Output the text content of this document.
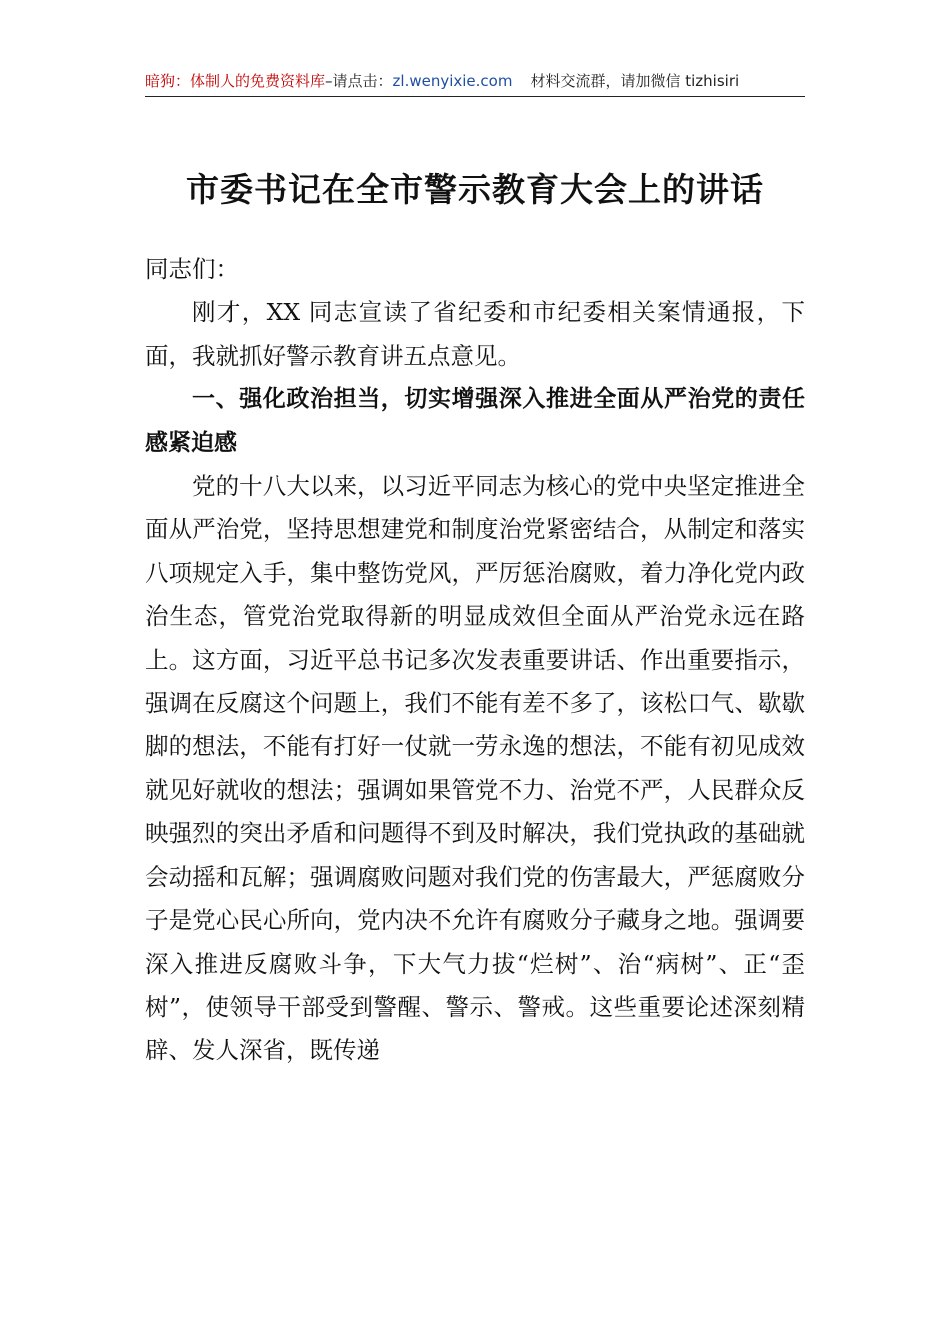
暗狗：体制人的免费资料库–请点击：zl.wenyixie.com 材料交流群，请加微信 tizhisiri
市委书记在全市警示教育大会上的讲话

同志们：

刚才，XX 同志宣读了省纪委和市纪委相关案情通报，下面，我就抓好警示教育讲五点意见。

一、强化政治担当，切实增强深入推进全面从严治党的责任感紧迫感

党的十八大以来，以习近平同志为核心的党中央坚定推进全面从严治党，坚持思想建党和制度治党紧密结合，从制定和落实八项规定入手，集中整饬党风，严厉惩治腐败，着力净化党内政治生态，管党治党取得新的明显成效但全面从严治党永远在路上。这方面，习近平总书记多次发表重要讲话、作出重要指示，强调在反腐这个问题上，我们不能有差不多了，该松口气、歇歇脚的想法，不能有打好一仗就一劳永逸的想法，不能有初见成效就见好就收的想法；强调如果管党不力、治党不严，人民群众反映强烈的突出矛盾和问题得不到及时解决，我们党执政的基础就会动摇和瓦解；强调腐败问题对我们党的伤害最大，严惩腐败分子是党心民心所向，党内决不允许有腐败分子藏身之地。强调要深入推进反腐败斗争，下大气力拔“烂树”、治“病树”、正“歪树”，使领导干部受到警醒、警示、警戒。这些重要论述深刻精辟、发人深省，既传递
